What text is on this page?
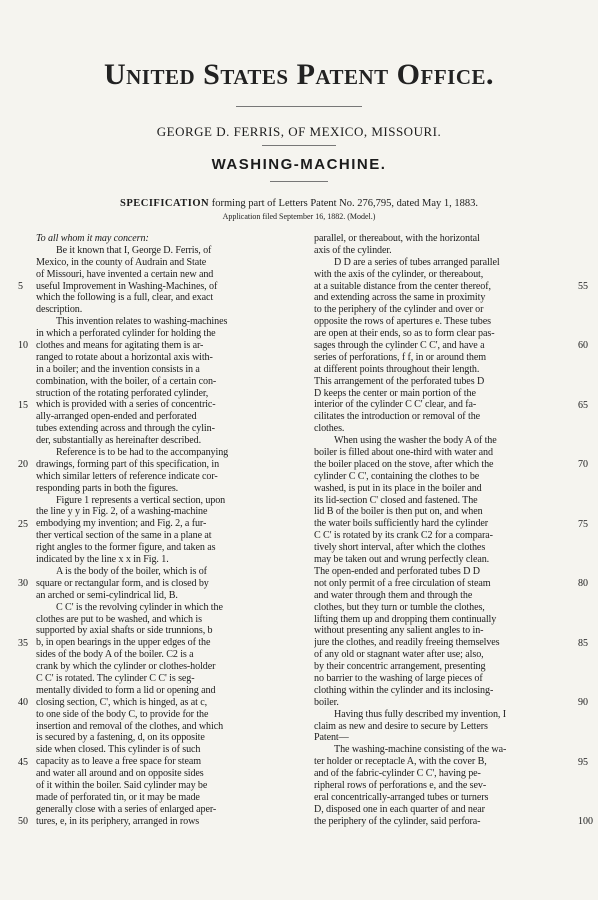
United States Patent Office.
GEORGE D. FERRIS, OF MEXICO, MISSOURI.
WASHING-MACHINE.
SPECIFICATION forming part of Letters Patent No. 276,795, dated May 1, 1883.
Application filed September 16, 1882. (Model.)
To all whom it may concern:
Be it known that I, George D. Ferris, of
Mexico, in the county of Audrain and State
of Missouri, have invented a certain new and
useful Improvement in Washing-Machines, of
which the following is a full, clear, and exact
description.
This invention relates to washing-machines
in which a perforated cylinder for holding the
clothes and means for agitating them is ar-
ranged to rotate about a horizontal axis with-
in a boiler; and the invention consists in a
combination, with the boiler, of a certain con-
struction of the rotating perforated cylinder,
which is provided with a series of concentric-
ally-arranged open-ended and perforated
tubes extending across and through the cylin-
der, substantially as hereinafter described.
Reference is to be had to the accompanying
drawings, forming part of this specification, in
which similar letters of reference indicate cor-
responding parts in both the figures.
Figure 1 represents a vertical section, upon
the line y y in Fig. 2, of a washing-machine
embodying my invention; and Fig. 2, a fur-
ther vertical section of the same in a plane at
right angles to the former figure, and taken as
indicated by the line x x in Fig. 1.
A is the body of the boiler, which is of
square or rectangular form, and is closed by
an arched or semi-cylindrical lid, B.
C C' is the revolving cylinder in which the
clothes are put to be washed, and which is
supported by axial shafts or side trunnions, b
b, in open bearings in the upper edges of the
sides of the body A of the boiler. C2 is a
crank by which the cylinder or clothes-holder
C C' is rotated. The cylinder C C' is seg-
mentally divided to form a lid or opening and
closing section, C', which is hinged, as at c,
to one side of the body C, to provide for the
insertion and removal of the clothes, and which
is secured by a fastening, d, on its opposite
side when closed. This cylinder is of such
capacity as to leave a free space for steam
and water all around and on opposite sides
of it within the boiler. Said cylinder may be
made of perforated tin, or it may be made
generally close with a series of enlarged aper-
tures, e, in its periphery, arranged in rows
parallel, or thereabout, with the horizontal
axis of the cylinder.
D D are a series of tubes arranged parallel
with the axis of the cylinder, or thereabout,
at a suitable distance from the center thereof,
and extending across the same in proximity
to the periphery of the cylinder and over or
opposite the rows of apertures e. These tubes
are open at their ends, so as to form clear pas-
sages through the cylinder C C', and have a
series of perforations, f f, in or around them
at different points throughout their length.
This arrangement of the perforated tubes D
D keeps the center or main portion of the
interior of the cylinder C C' clear, and fa-
cilitates the introduction or removal of the
clothes.
When using the washer the body A of the
boiler is filled about one-third with water and
the boiler placed on the stove, after which the
cylinder C C', containing the clothes to be
washed, is put in its place in the boiler and
its lid-section C' closed and fastened. The
lid B of the boiler is then put on, and when
the water boils sufficiently hard the cylinder
C C' is rotated by its crank C2 for a compara-
tively short interval, after which the clothes
may be taken out and wrung perfectly clean.
The open-ended and perforated tubes D D
not only permit of a free circulation of steam
and water through them and through the
clothes, but they turn or tumble the clothes,
lifting them up and dropping them continually
without presenting any salient angles to in-
jure the clothes, and readily freeing themselves
of any old or stagnant water after use; also,
by their concentric arrangement, presenting
no barrier to the washing of large pieces of
clothing within the cylinder and its inclosing-
boiler.
Having thus fully described my invention, I
claim as new and desire to secure by Letters
Patent—
The washing-machine consisting of the wa-
ter holder or receptacle A, with the cover B,
and of the fabric-cylinder C C', having pe-
ripheral rows of perforations e, and the sev-
eral concentrically-arranged tubes or turners
D, disposed one in each quarter of and near
the periphery of the cylinder, said perfora-
5
10
15
20
25
30
35
40
45
50
55
60
65
70
75
80
85
90
95
100
